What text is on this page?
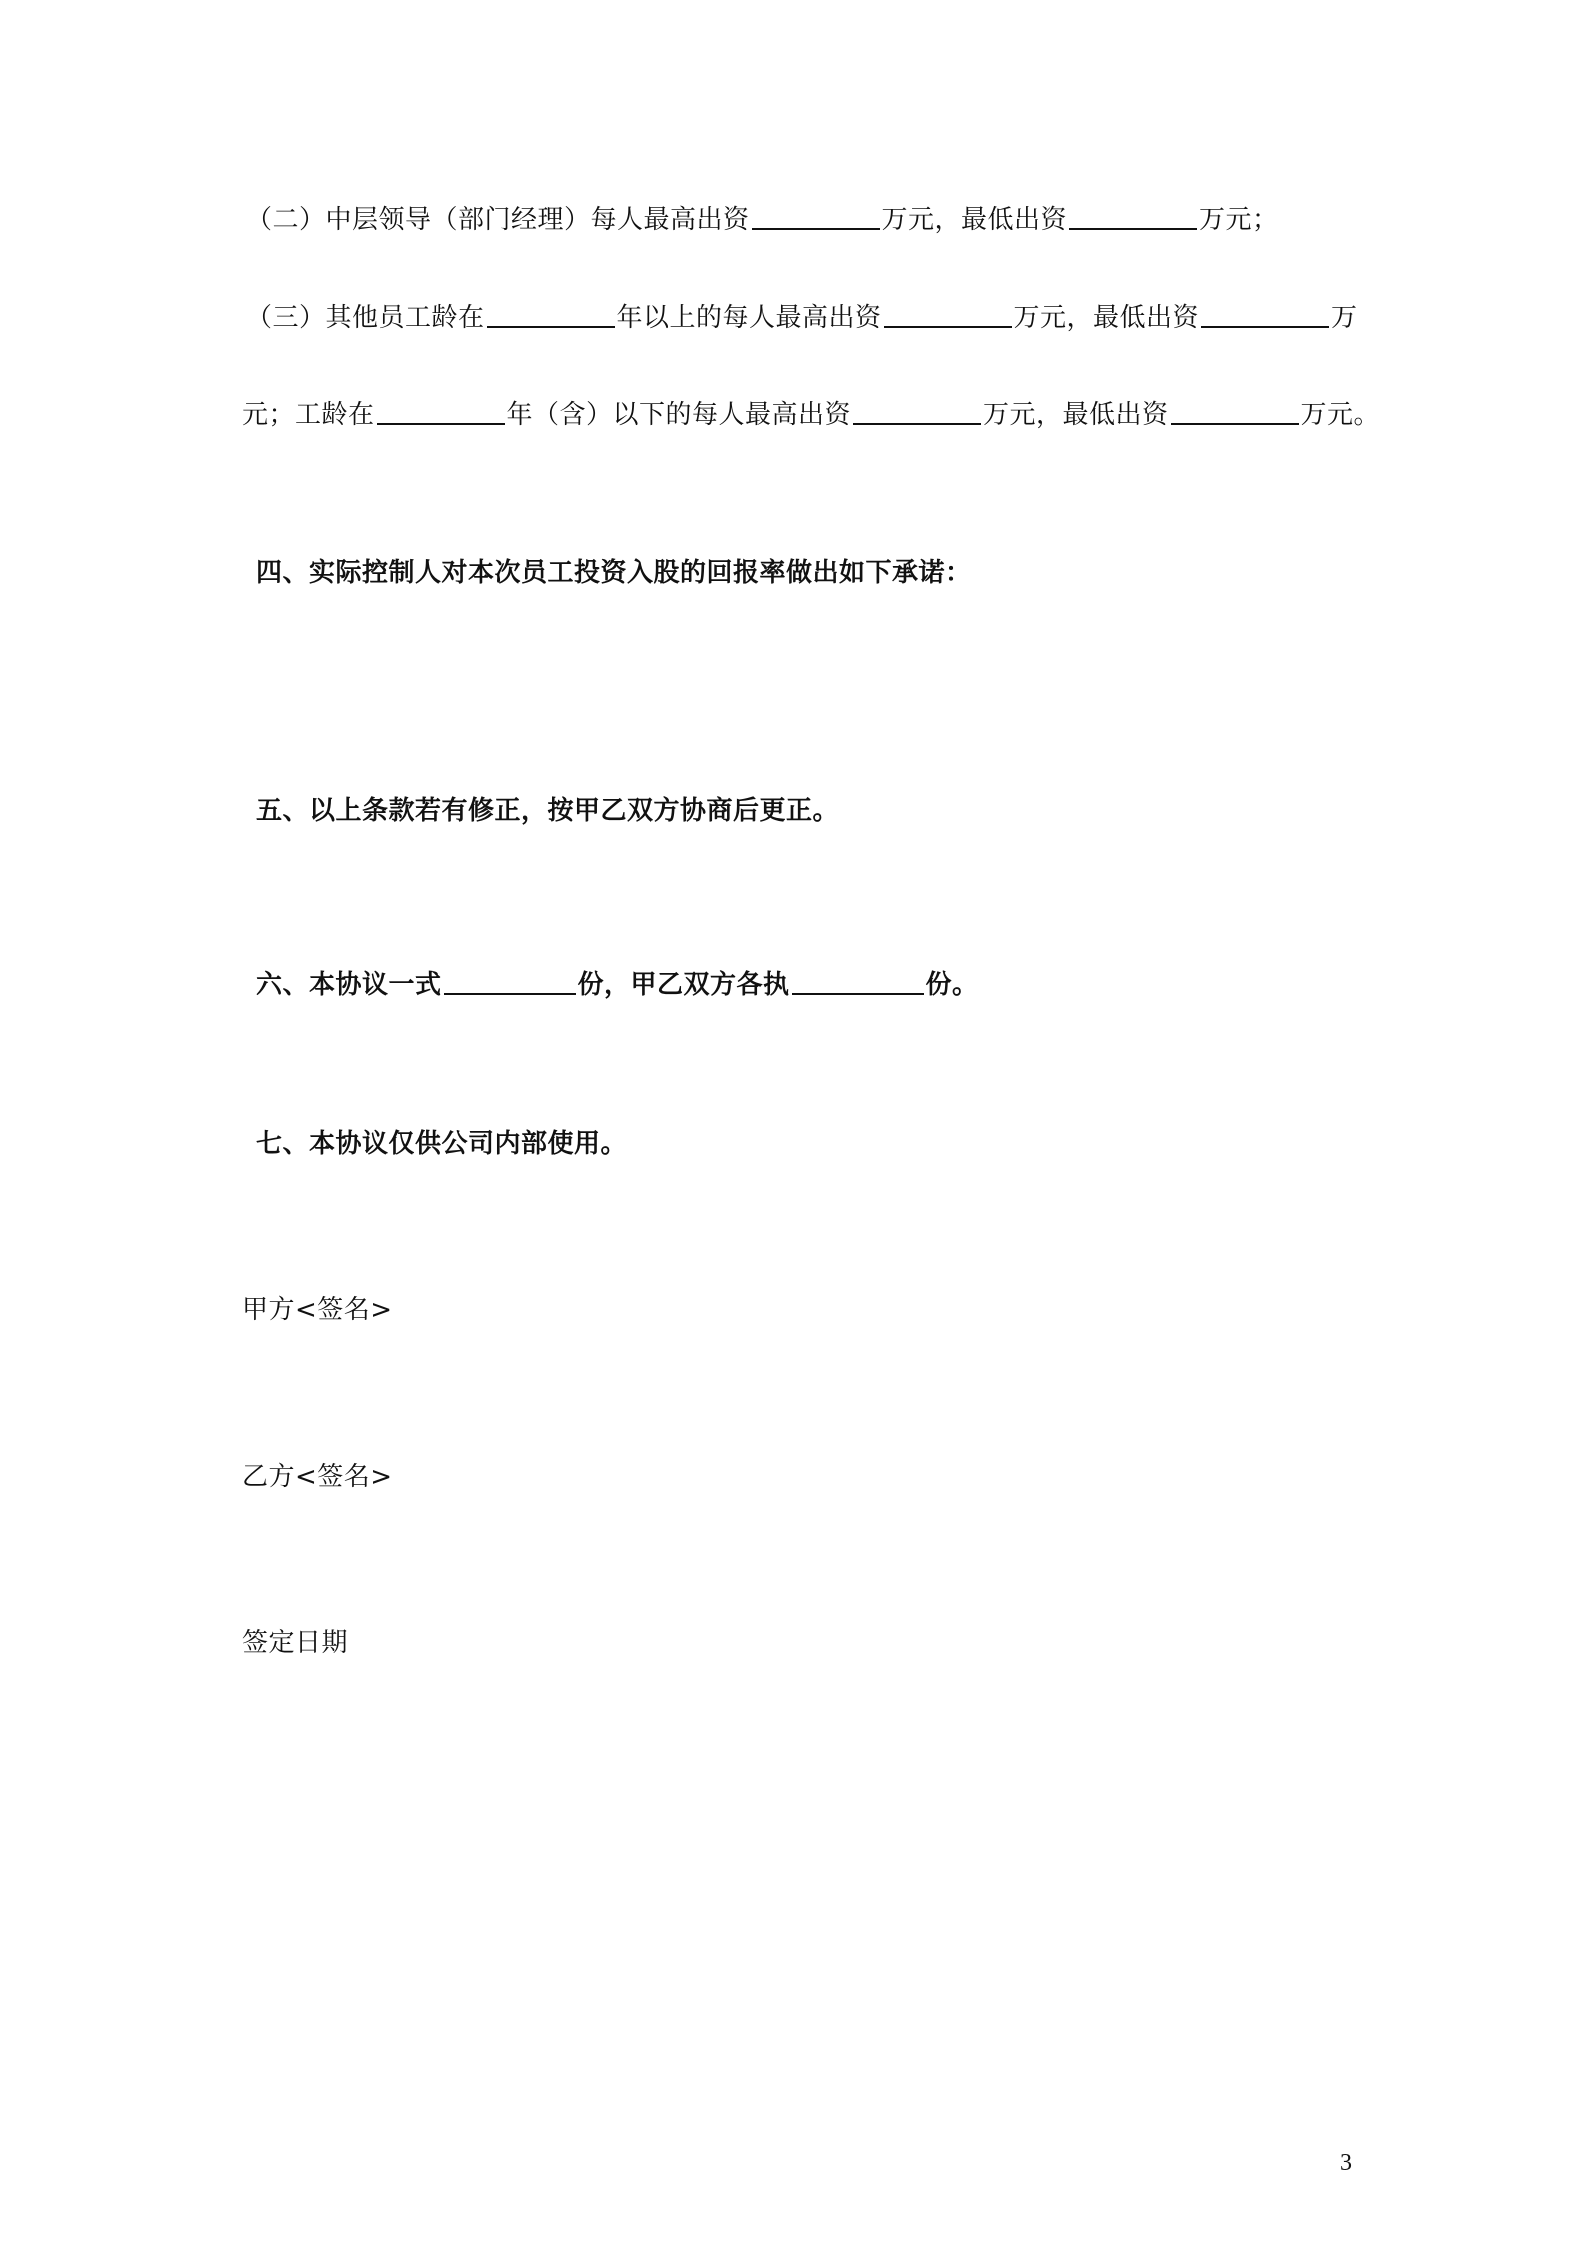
（二）中层领导（部门经理）每人最高出资	万元，最低出资	万元；
（三）其他员工龄在	年以上的每人最高出资	万元，最低出资	万
元；工龄在	年（含）以下的每人最高出资	万元，最低出资	万元。
四、实际控制人对本次员工投资入股的回报率做出如下承诺：
五、以上条款若有修正，按甲乙双方协商后更正。
六、本协议一式	份，甲乙双方各执	份。
七、本协议仅供公司内部使用。
甲方<签名>
乙方<签名>
签定日期
3
